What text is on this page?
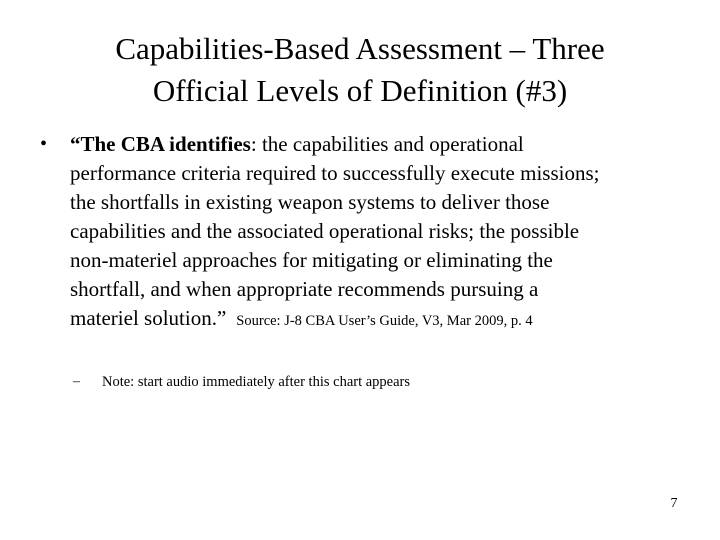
Capabilities-Based Assessment – Three
Official Levels of Definition (#3)
•	“The CBA identifies: the capabilities and operational
performance criteria required to successfully execute missions;
the shortfalls in existing weapon systems to deliver those
capabilities and the associated operational risks; the possible
non-materiel approaches for mitigating or eliminating the
shortfall, and when appropriate recommends pursuing a
materiel solution.” Source: J-8 CBA User’s Guide, V3, Mar 2009, p. 4
– Note: start audio immediately after this chart appears
7
